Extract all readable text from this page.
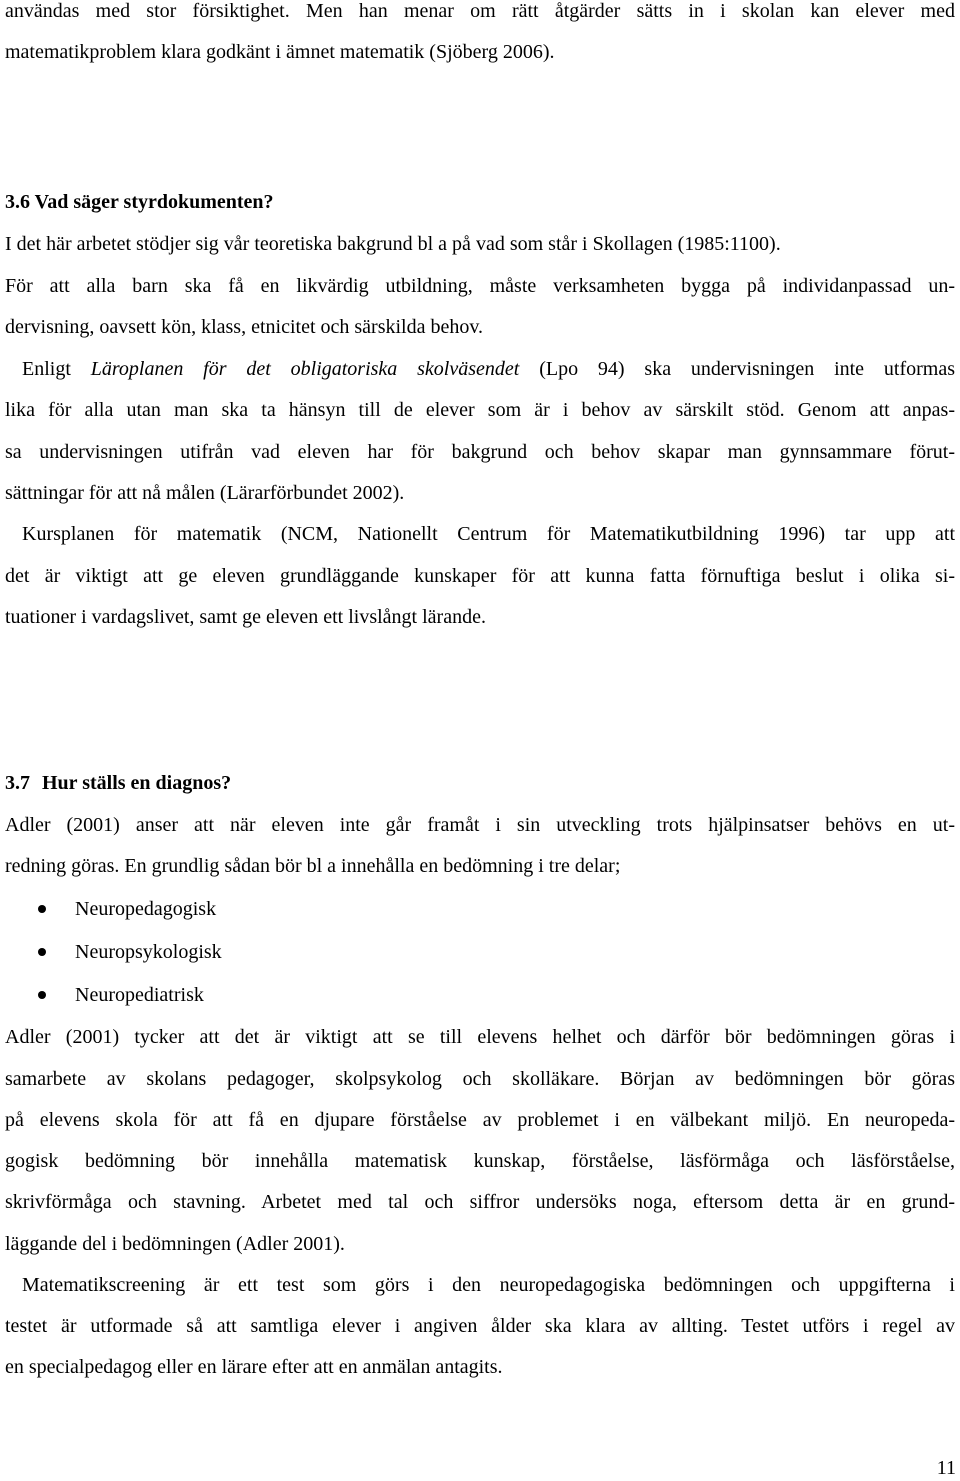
användas med stor försiktighet. Men han menar om rätt åtgärder sätts in i skolan kan elever med
matematikproblem klara godkänt i ämnet matematik (Sjöberg 2006).
3.6 Vad säger styrdokumenten?
I det här arbetet stödjer sig vår teoretiska bakgrund bl a på vad som står i Skollagen (1985:1100).
För att alla barn ska få en likvärdig utbildning, måste verksamheten bygga på individanpassad un-
dervisning, oavsett kön, klass, etnicitet och särskilda behov.
Enligt Läroplanen för det obligatoriska skolväsendet (Lpo 94) ska undervisningen inte utformas
lika för alla utan man ska ta hänsyn till de elever som är i behov av särskilt stöd. Genom att anpas-
sa undervisningen utifrån vad eleven har för bakgrund och behov skapar man gynnsammare förut-
sättningar för att nå målen (Lärarförbundet 2002).
Kursplanen för matematik (NCM, Nationellt Centrum för Matematikutbildning 1996) tar upp att
det är viktigt att ge eleven grundläggande kunskaper för att kunna fatta förnuftiga beslut i olika si-
tuationer i vardagslivet, samt ge eleven ett livslångt lärande.
3.7 Hur ställs en diagnos?
Adler (2001) anser att när eleven inte går framåt i sin utveckling trots hjälpinsatser behövs en ut-
redning göras. En grundlig sådan bör bl a innehålla en bedömning i tre delar;
Neuropedagogisk
Neuropsykologisk
Neuropediatrisk
Adler (2001) tycker att det är viktigt att se till elevens helhet och därför bör bedömningen göras i
samarbete av skolans pedagoger, skolpsykolog och skolläkare. Början av bedömningen bör göras
på elevens skola för att få en djupare förståelse av problemet i en välbekant miljö. En neuropeda-
gogisk bedömning bör innehålla matematisk kunskap, förståelse, läsförmåga och läsförståelse,
skrivförmåga och stavning. Arbetet med tal och siffror undersöks noga, eftersom detta är en grund-
läggande del i bedömningen (Adler 2001).
Matematikscreening är ett test som görs i den neuropedagogiska bedömningen och uppgifterna i
testet är utformade så att samtliga elever i angiven ålder ska klara av allting. Testet utförs i regel av
en specialpedagog eller en lärare efter att en anmälan antagits.
11
